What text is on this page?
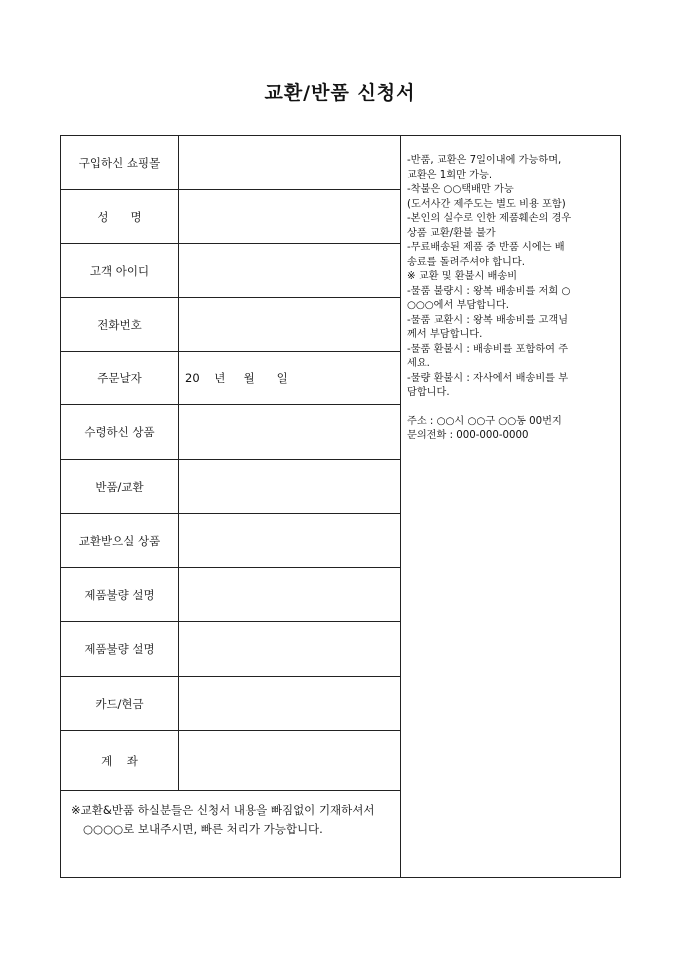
교환/반품 신청서
구입하신 쇼핑몰
성      명
고객 아이디
전화번호
주문날자	20    년     월      일
수령하신 상품
반품/교환
교환받으실 상품
제품불량 설명
제품불량 설명
카드/현금
계    좌

※교환&반품 하실분들은 신청서 내용을 빠짐없이 기재하셔서 ○○○○로 보내주시면, 빠른 처리가 가능합니다.

-반품, 교환은 7일이내에 가능하며,
교환은 1회만 가능.
-착불은 ○○택배만 가능
(도서사간 제주도는 별도 비용 포함)
-본인의 실수로 인한 제품훼손의 경우
상품 교환/환불 불가
-무료배송된 제품 중 반품 시에는 배
송료를 돌려주셔야 합니다.
※ 교환 및 환불시 배송비
-물품 불량시 : 왕복 배송비를 저희 ○
○○○에서 부담합니다.
-물품 교환시 : 왕복 배송비를 고객님
께서 부담합니다.
-물품 환불시 : 배송비를 포함하여 주
세요.
-물량 환불시 : 자사에서 배송비를 부
담합니다.
주소 : ○○시 ○○구 ○○동 00번지
문의전화 : 000-000-0000
